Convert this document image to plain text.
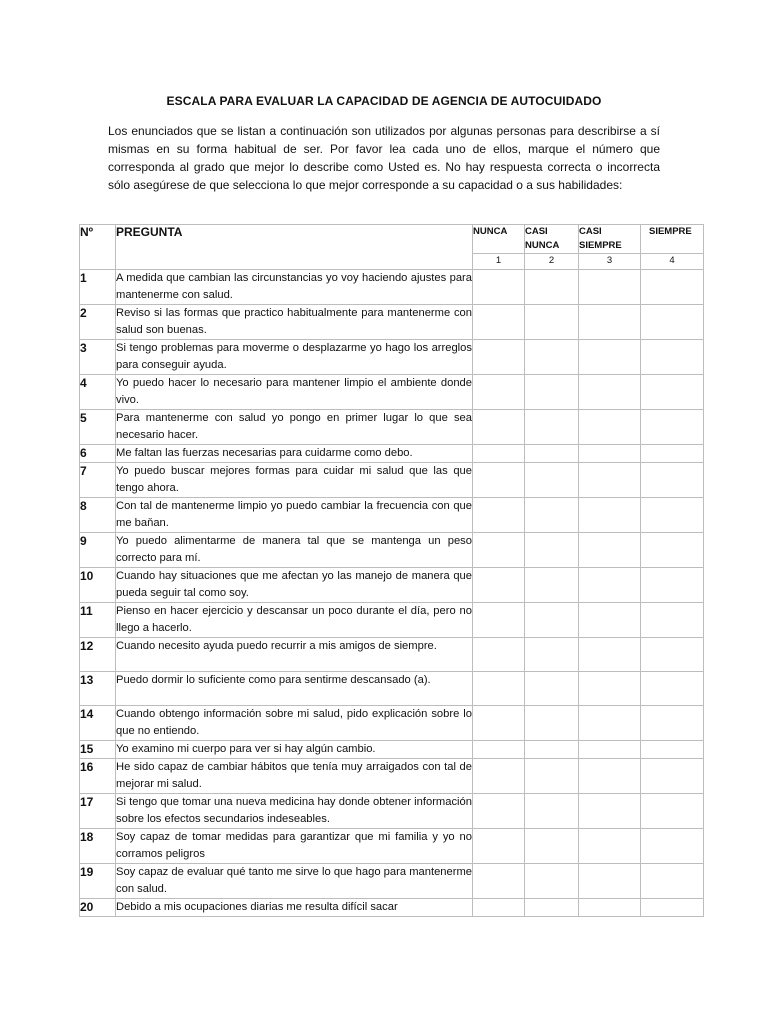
ESCALA PARA EVALUAR LA CAPACIDAD DE AGENCIA DE AUTOCUIDADO
Los enunciados que se listan a continuación son utilizados por algunas personas para describirse a sí mismas en su forma habitual de ser. Por favor lea cada uno de ellos, marque el número que corresponda al grado que mejor lo describe como Usted es. No hay respuesta correcta o incorrecta sólo asegúrese de que selecciona lo que mejor corresponde a su capacidad o a sus habilidades:
Nº	PREGUNTA	NUNCA	CASI NUNCA	CASI SIEMPRE	SIEMPRE
		1	2	3	4
1	A medida que cambian las circunstancias yo voy haciendo ajustes para mantenerme con salud.				
2	Reviso si las formas que practico habitualmente para mantenerme con salud son buenas.				
3	Si tengo problemas para moverme o desplazarme yo hago los arreglos para conseguir ayuda.				
4	Yo puedo hacer lo necesario para mantener limpio el ambiente donde vivo.				
5	Para mantenerme con salud yo pongo en primer lugar lo que sea necesario hacer.				
6	Me faltan las fuerzas necesarias para cuidarme como debo.				
7	Yo puedo buscar mejores formas para cuidar mi salud que las que tengo ahora.				
8	Con tal de mantenerme limpio yo puedo cambiar la frecuencia con que me baňan.				
9	Yo puedo alimentarme de manera tal que se mantenga un peso correcto para mí.				
10	Cuando hay situaciones que me afectan yo las manejo de manera que pueda seguir tal como soy.				
11	Pienso en hacer ejercicio y descansar un poco durante el día, pero no llego a hacerlo.				
12	Cuando necesito ayuda puedo recurrir a mis amigos de siempre.				
13	Puedo dormir lo suficiente como para sentirme descansado (a).				
14	Cuando obtengo información sobre mi salud, pido explicación sobre lo que no entiendo.				
15	Yo examino mi cuerpo para ver si hay algún cambio.				
16	He sido capaz de cambiar hábitos que tenía muy arraigados con tal de mejorar mi salud.				
17	Si tengo que tomar una nueva medicina hay donde obtener información sobre los efectos secundarios indeseables.				
18	Soy capaz de tomar medidas para garantizar que mi familia y yo no corramos peligros				
19	Soy capaz de evaluar qué tanto me sirve lo que hago para mantenerme con salud.				
20	Debido a mis ocupaciones diarias me resulta difícil sacar				
